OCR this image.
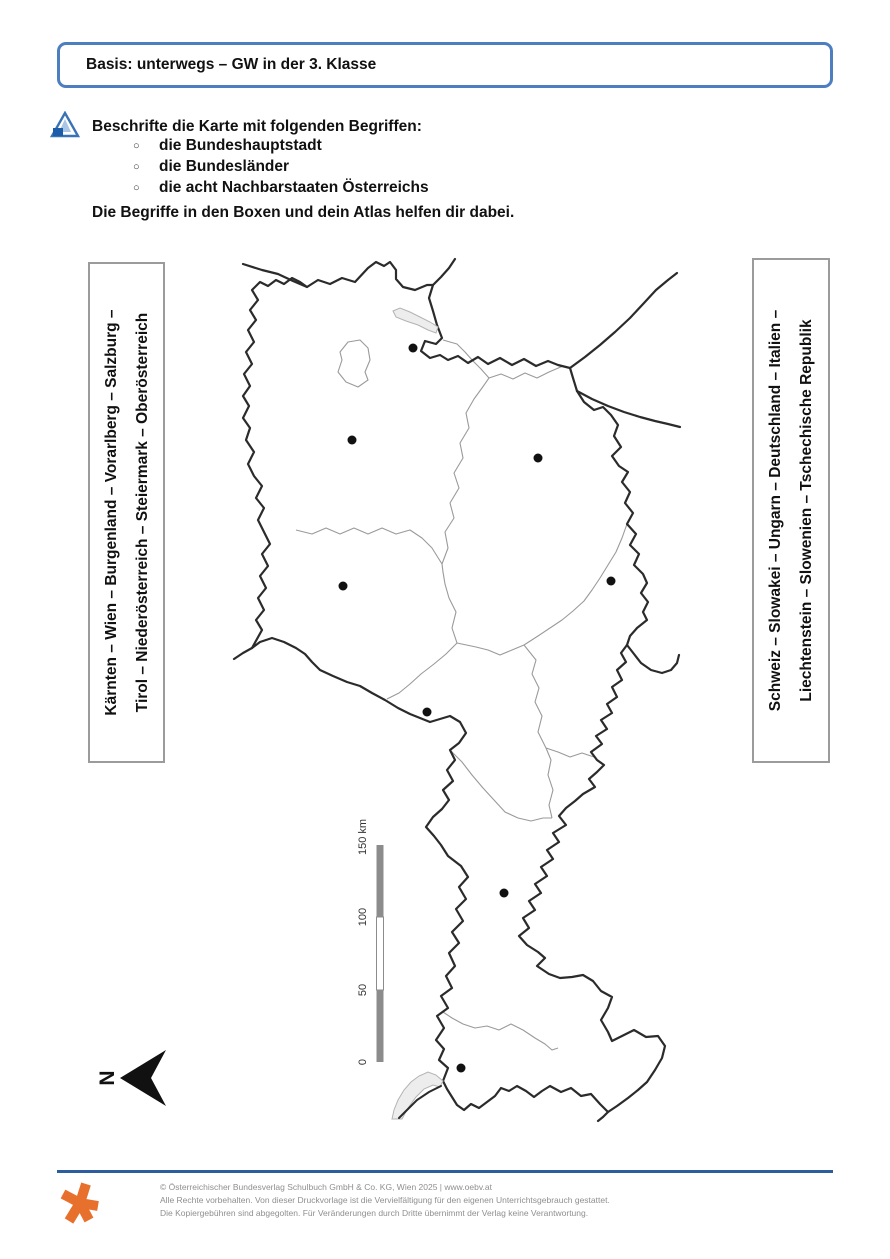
Basis: unterwegs – GW in der 3. Klasse
Beschrifte die Karte mit folgenden Begriffen:
○ die Bundeshauptstadt
○ die Bundesländer
○ die acht Nachbarstaaten Österreichs
Die Begriffe in den Boxen und dein Atlas helfen dir dabei.
Kärnten – Wien – Burgenland – Vorarlberg – Salzburg – Tirol – Niederösterreich – Steiermark – Oberösterreich	Schweiz – Slowakei – Ungarn – Deutschland – Italien – Liechtenstein – Slowenien – Tschechische Republik
150 km
100
50
0
N
© Österreichischer Bundesverlag Schulbuch GmbH & Co. KG, Wien 2025 | www.oebv.at
Alle Rechte vorbehalten. Von dieser Druckvorlage ist die Vervielfältigung für den eigenen Unterrichtsgebrauch gestattet.
Die Kopiergebühren sind abgegolten. Für Veränderungen durch Dritte übernimmt der Verlag keine Verantwortung.
